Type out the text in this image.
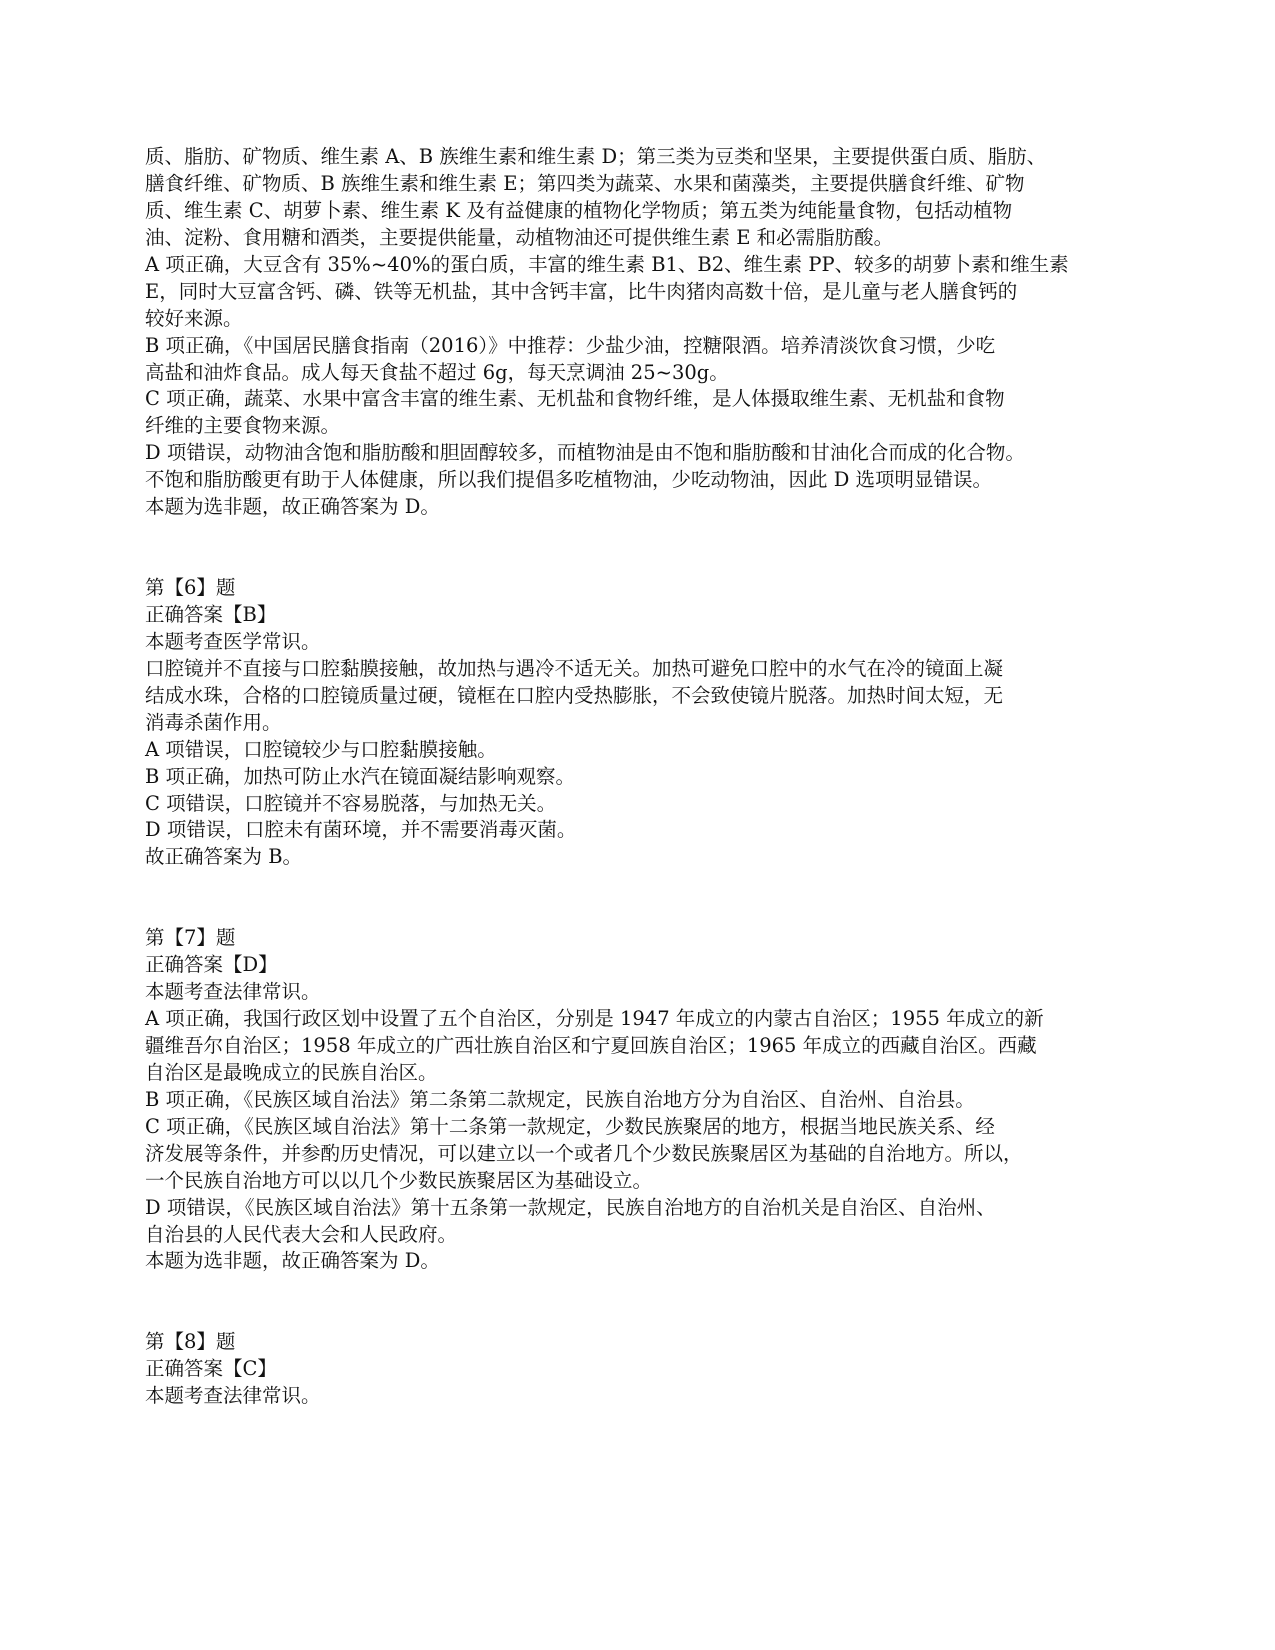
质、脂肪、矿物质、维生素 A、B 族维生素和维生素 D；第三类为豆类和坚果，主要提供蛋白质、脂肪、
膳食纤维、矿物质、B 族维生素和维生素 E；第四类为蔬菜、水果和菌藻类，主要提供膳食纤维、矿物
质、维生素 C、胡萝卜素、维生素 K 及有益健康的植物化学物质；第五类为纯能量食物，包括动植物
油、淀粉、食用糖和酒类，主要提供能量，动植物油还可提供维生素 E 和必需脂肪酸。
A 项正确，大豆含有 35%~40%的蛋白质，丰富的维生素 B1、B2、维生素 PP、较多的胡萝卜素和维生素
E，同时大豆富含钙、磷、铁等无机盐，其中含钙丰富，比牛肉猪肉高数十倍，是儿童与老人膳食钙的
较好来源。
B 项正确，《中国居民膳食指南（2016）》中推荐：少盐少油，控糖限酒。培养清淡饮食习惯，少吃
高盐和油炸食品。成人每天食盐不超过 6g，每天烹调油 25~30g。
C 项正确，蔬菜、水果中富含丰富的维生素、无机盐和食物纤维，是人体摄取维生素、无机盐和食物
纤维的主要食物来源。
D 项错误，动物油含饱和脂肪酸和胆固醇较多，而植物油是由不饱和脂肪酸和甘油化合而成的化合物。
不饱和脂肪酸更有助于人体健康，所以我们提倡多吃植物油，少吃动物油，因此 D 选项明显错误。
本题为选非题，故正确答案为 D。
第【6】题
正确答案【B】
本题考查医学常识。
口腔镜并不直接与口腔黏膜接触，故加热与遇冷不适无关。加热可避免口腔中的水气在冷的镜面上凝
结成水珠，合格的口腔镜质量过硬，镜框在口腔内受热膨胀，不会致使镜片脱落。加热时间太短，无
消毒杀菌作用。
A 项错误，口腔镜较少与口腔黏膜接触。
B 项正确，加热可防止水汽在镜面凝结影响观察。
C 项错误，口腔镜并不容易脱落，与加热无关。
D 项错误，口腔未有菌环境，并不需要消毒灭菌。
故正确答案为 B。
第【7】题
正确答案【D】
本题考查法律常识。
A 项正确，我国行政区划中设置了五个自治区，分别是 1947 年成立的内蒙古自治区；1955 年成立的新
疆维吾尔自治区；1958 年成立的广西壮族自治区和宁夏回族自治区；1965 年成立的西藏自治区。西藏
自治区是最晚成立的民族自治区。
B 项正确，《民族区域自治法》第二条第二款规定，民族自治地方分为自治区、自治州、自治县。
C 项正确，《民族区域自治法》第十二条第一款规定，少数民族聚居的地方，根据当地民族关系、经
济发展等条件，并参酌历史情况，可以建立以一个或者几个少数民族聚居区为基础的自治地方。所以，
一个民族自治地方可以以几个少数民族聚居区为基础设立。
D 项错误，《民族区域自治法》第十五条第一款规定，民族自治地方的自治机关是自治区、自治州、
自治县的人民代表大会和人民政府。
本题为选非题，故正确答案为 D。
第【8】题
正确答案【C】
本题考查法律常识。
